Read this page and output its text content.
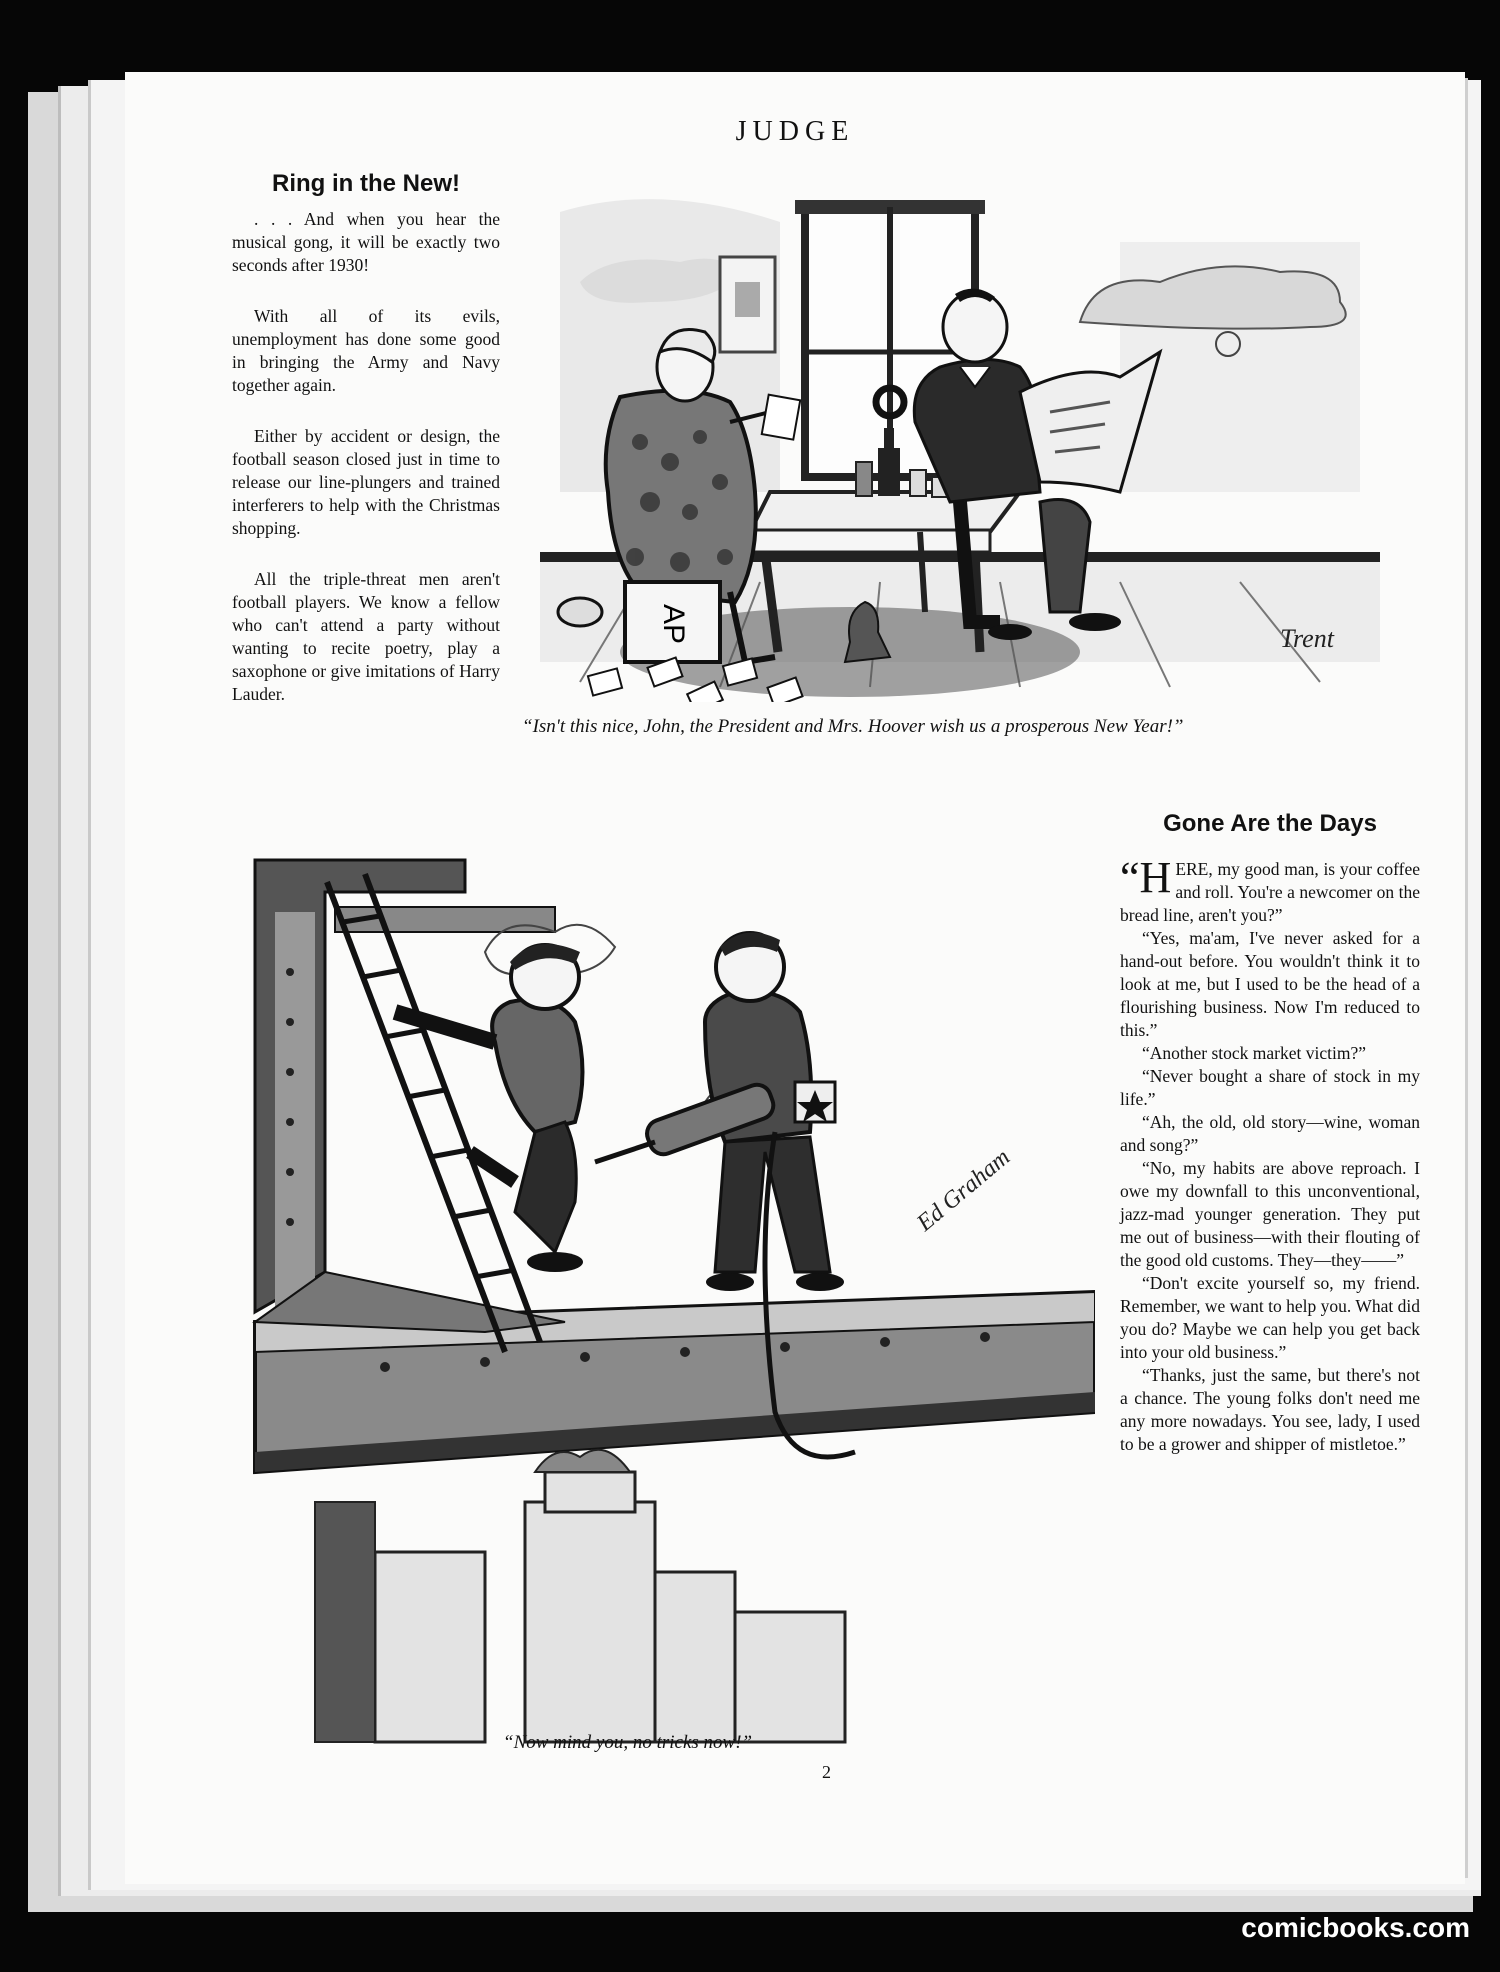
JUDGE
Ring in the New!

. . . And when you hear the musical gong, it will be exactly two seconds after 1930!

With all of its evils, unemployment has done some good in bringing the Army and Navy together again.

Either by accident or design, the football season closed just in time to release our line-plungers and trained interferers to help with the Christmas shopping.

All the triple-threat men aren't football players. We know a fellow who can't attend a party without wanting to recite poetry, play a saxophone or give imitations of Harry Lauder.

AP	Trent
“Isn't this nice, John, the President and Mrs. Hoover wish us a prosperous New Year!”
Gone Are the Days
Ed Graham
“Now mind you, no tricks now!”

“HERE, my good man, is your coffee and roll. You're a newcomer on the bread line, aren't you?”

“Yes, ma'am, I've never asked for a hand-out before. You wouldn't think it to look at me, but I used to be the head of a flourishing business. Now I'm reduced to this.”

“Another stock market victim?”

“Never bought a share of stock in my life.”

“Ah, the old, old story—wine, woman and song?”

“No, my habits are above reproach. I owe my downfall to this unconventional, jazz-mad younger generation. They put me out of business—with their flouting of the good old customs. They—they——”

“Don't excite yourself so, my friend. Remember, we want to help you. What did you do? Maybe we can help you get back into your old business.”

“Thanks, just the same, but there's not a chance. The young folks don't need me any more nowadays. You see, lady, I used to be a grower and shipper of mistletoe.”

2
comicbooks.com
